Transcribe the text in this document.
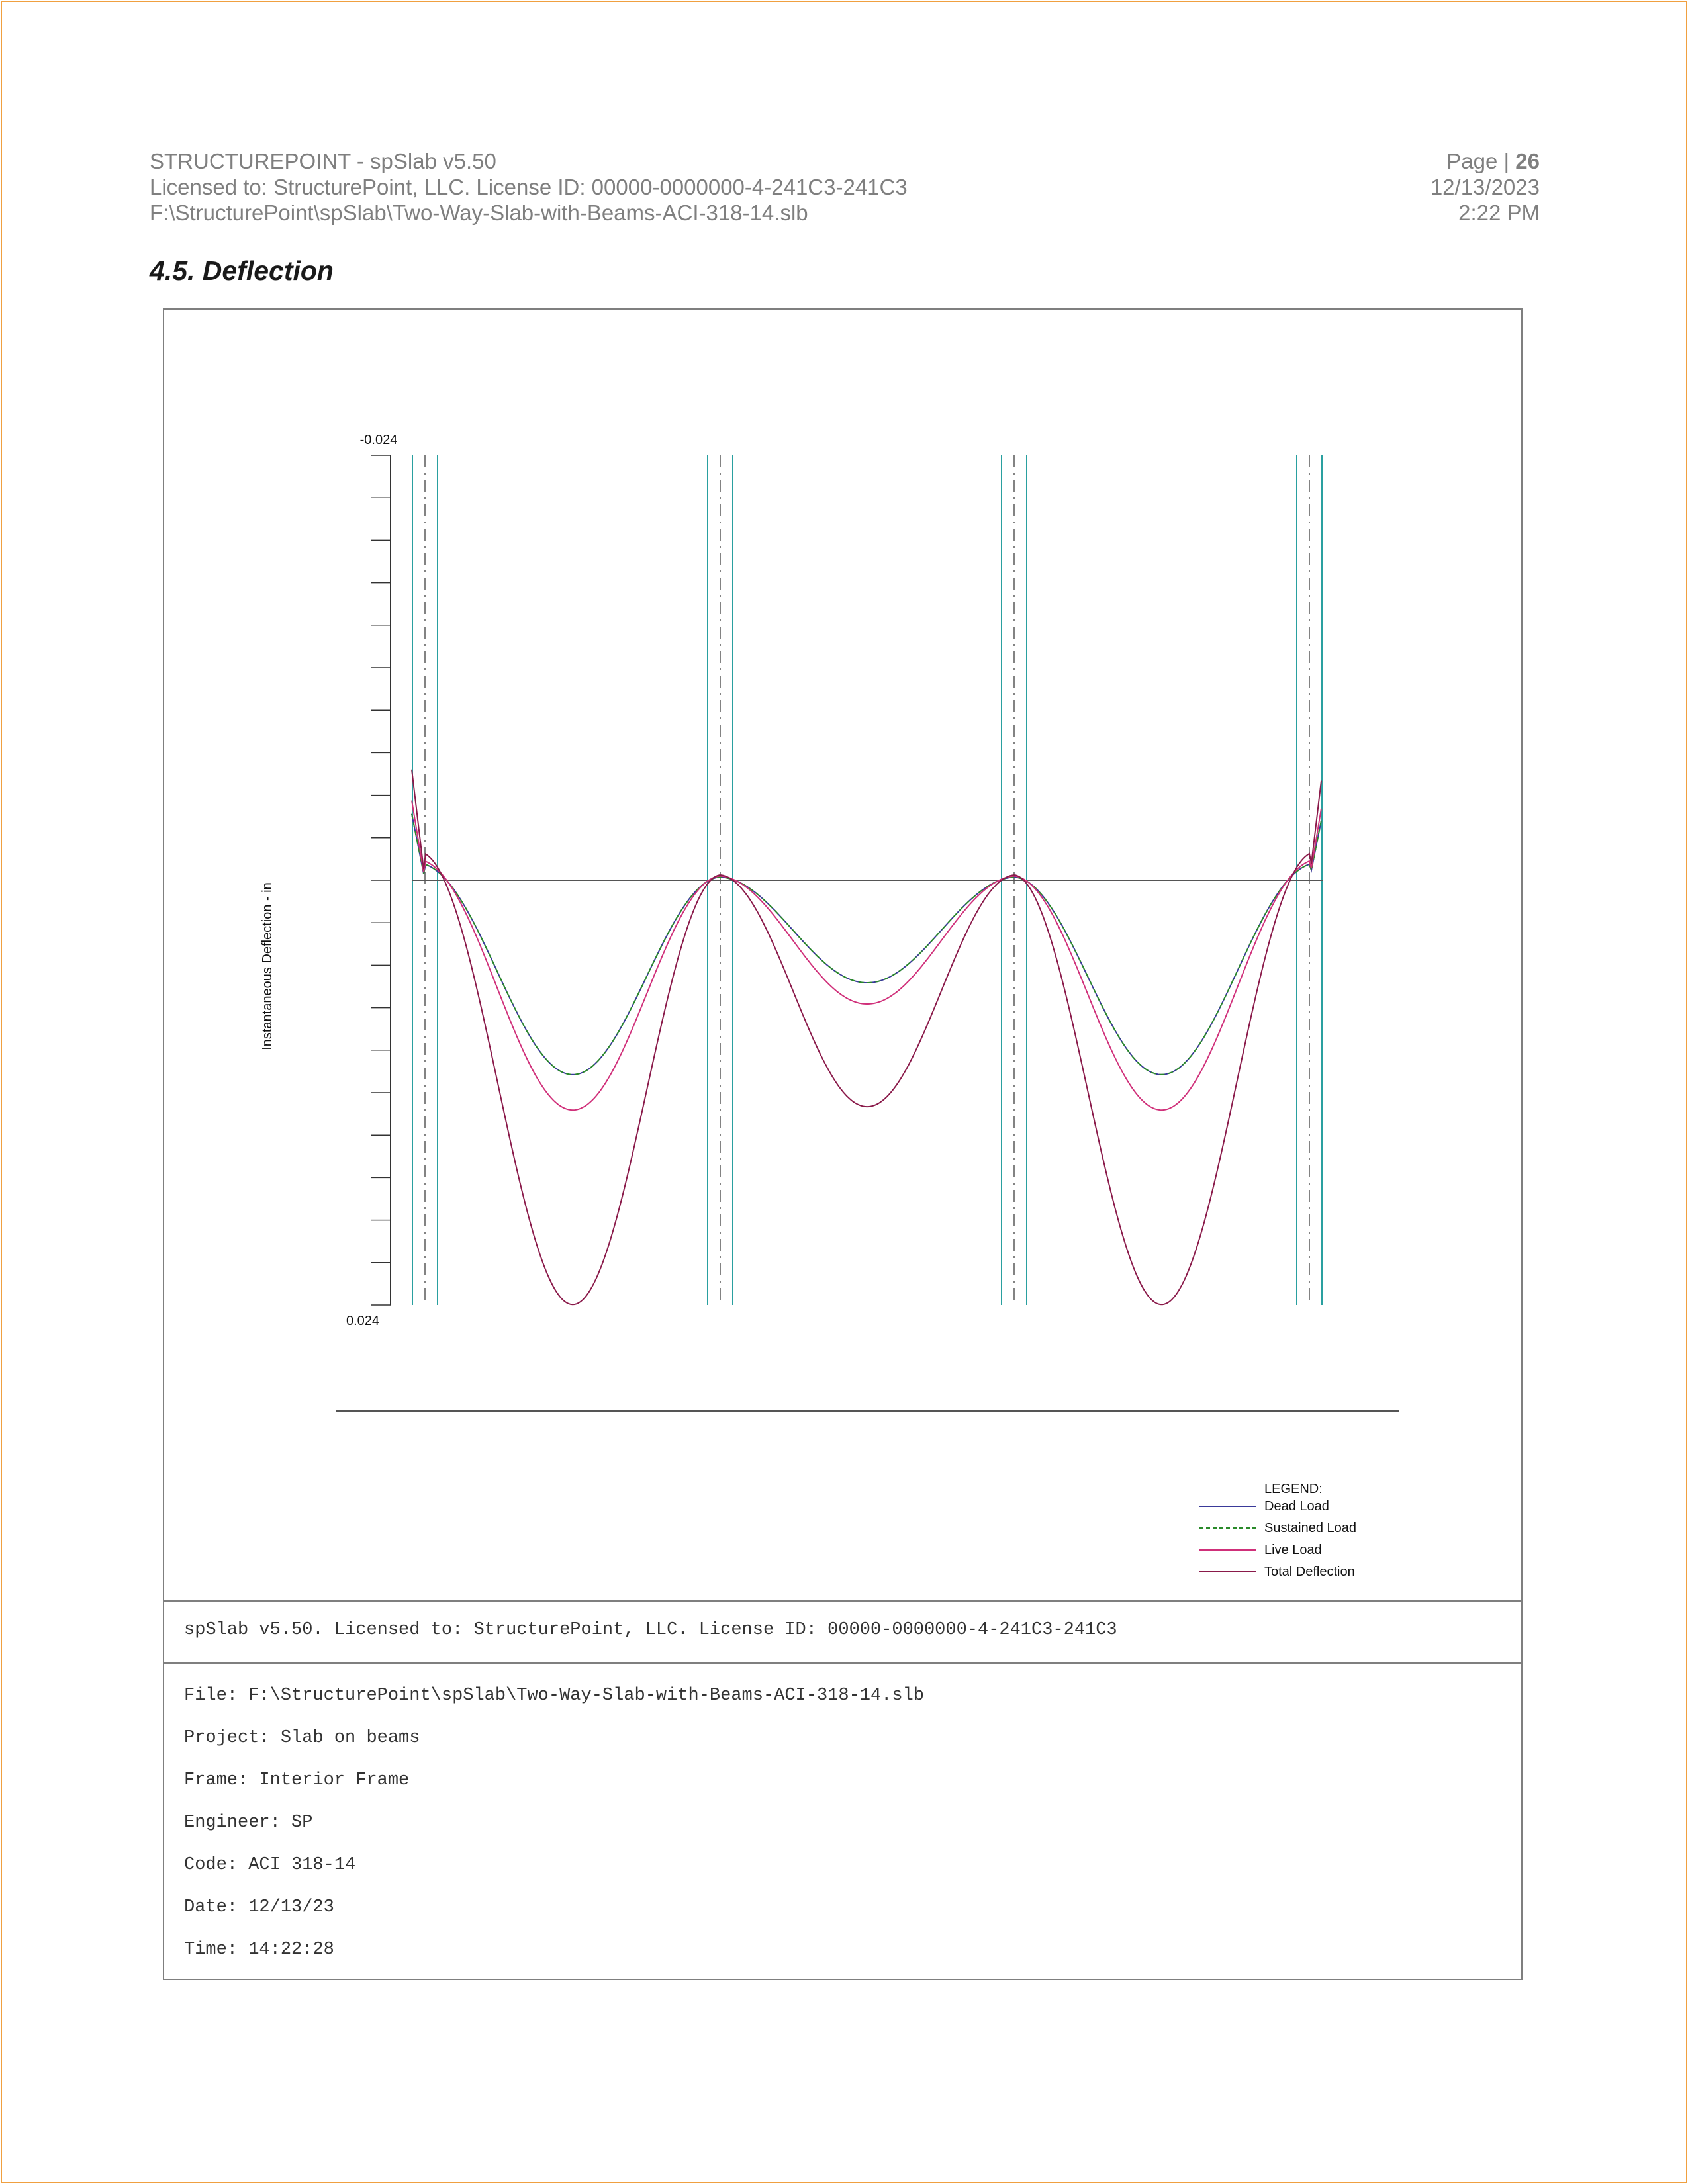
STRUCTUREPOINT - spSlab v5.50
Licensed to: StructurePoint, LLC. License ID: 00000-0000000-4-241C3-241C3
F:\StructurePoint\spSlab\Two-Way-Slab-with-Beams-ACI-318-14.slb
Page | 26
12/13/2023
2:22 PM
4.5. Deflection
-0.024
0.024
Instantaneous Deflection - in
LEGEND:
Dead Load
Sustained Load
Live Load
Total Deflection
spSlab v5.50. Licensed to: StructurePoint, LLC. License ID: 00000-0000000-4-241C3-241C3
File: F:\StructurePoint\spSlab\Two-Way-Slab-with-Beams-ACI-318-14.slb
Project: Slab on beams
Frame: Interior Frame
Engineer: SP
Code: ACI 318-14
Date: 12/13/23
Time: 14:22:28
